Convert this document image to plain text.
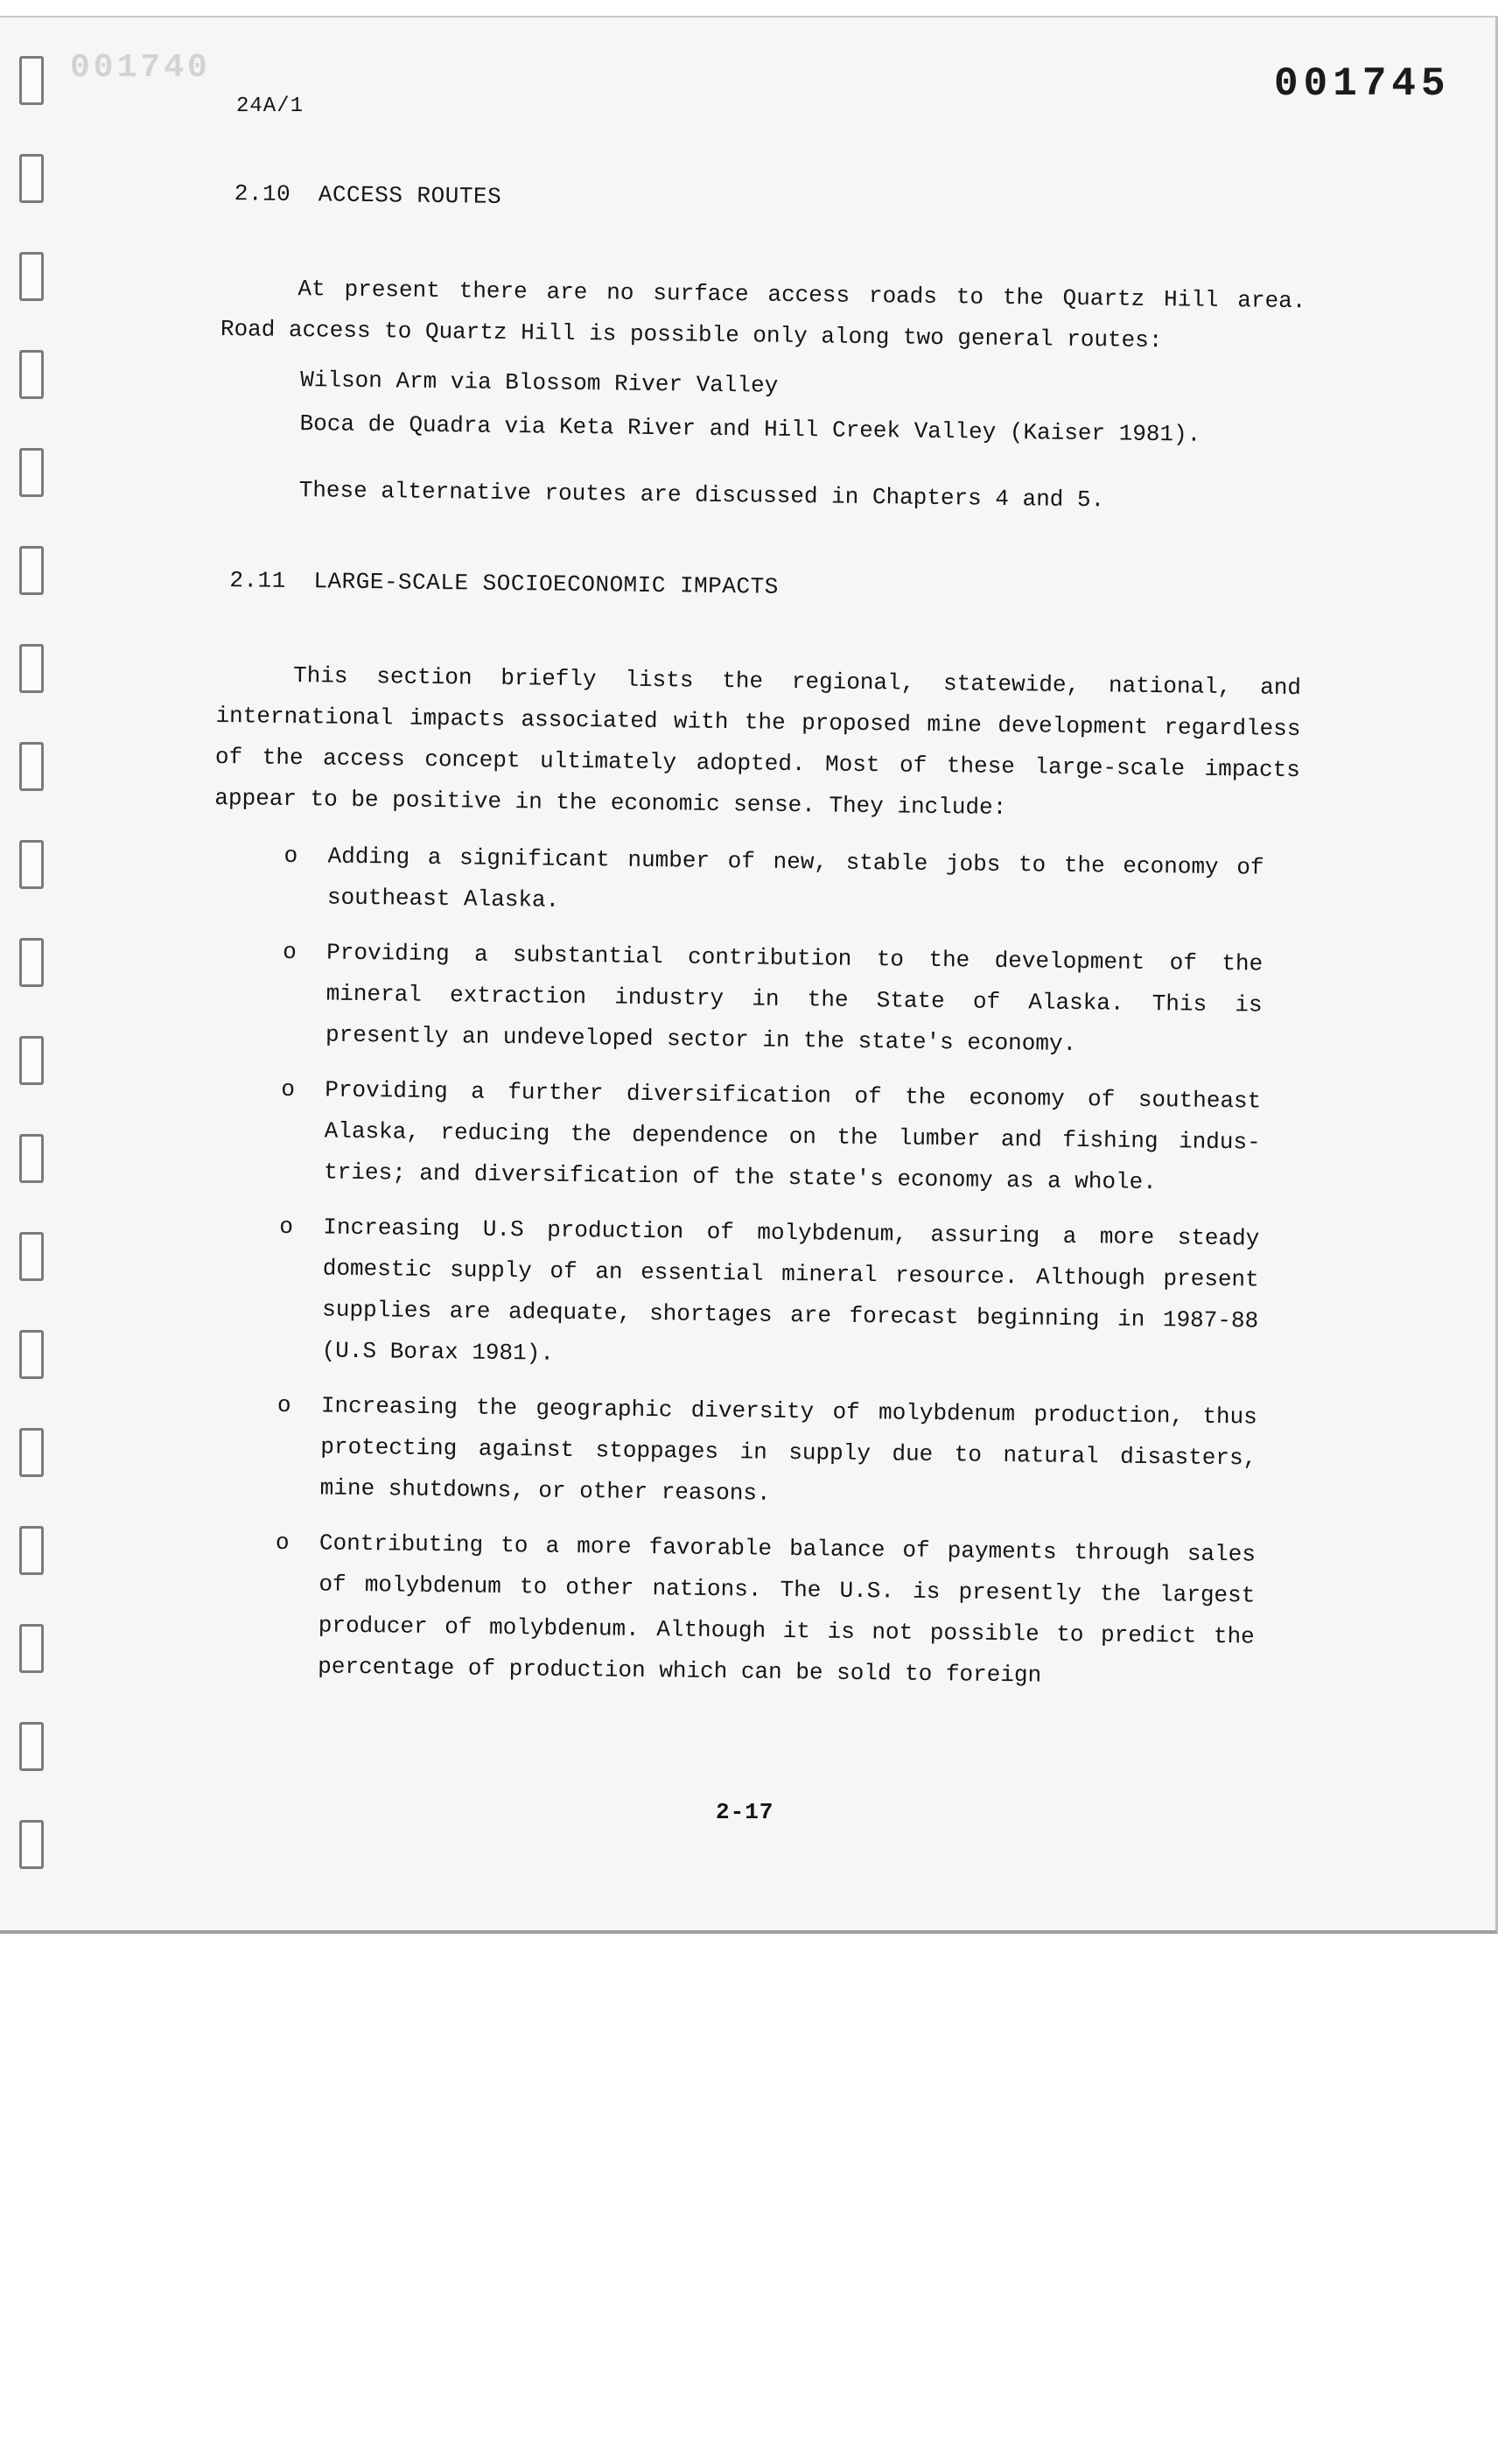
001740
24A/1	001745
2.10 ACCESS ROUTES

At present there are no surface access roads to the Quartz Hill area. Road access to Quartz Hill is possible only along two general routes:

Wilson Arm via Blossom River Valley
Boca de Quadra via Keta River and Hill Creek Valley (Kaiser 1981).

These alternative routes are discussed in Chapters 4 and 5.

2.11 LARGE-SCALE SOCIOECONOMIC IMPACTS

This section briefly lists the regional, statewide, national, and international impacts associated with the proposed mine development regardless of the access concept ultimately adopted. Most of these large-scale impacts appear to be positive in the economic sense. They include:

o Adding a significant number of new, stable jobs to the economy of southeast Alaska.

o Providing a substantial contribution to the development of the mineral extraction industry in the State of Alaska. This is presently an undeveloped sector in the state's economy.

o Providing a further diversification of the economy of southeast Alaska, reducing the dependence on the lumber and fishing indus-tries; and diversification of the state's economy as a whole.

o Increasing U.S production of molybdenum, assuring a more steady domestic supply of an essential mineral resource. Although present supplies are adequate, shortages are forecast beginning in 1987-88 (U.S Borax 1981).

o Increasing the geographic diversity of molybdenum production, thus protecting against stoppages in supply due to natural disasters, mine shutdowns, or other reasons.

o Contributing to a more favorable balance of payments through sales of molybdenum to other nations. The U.S. is presently the largest producer of molybdenum. Although it is not possible to predict the percentage of production which can be sold to foreign

2-17
